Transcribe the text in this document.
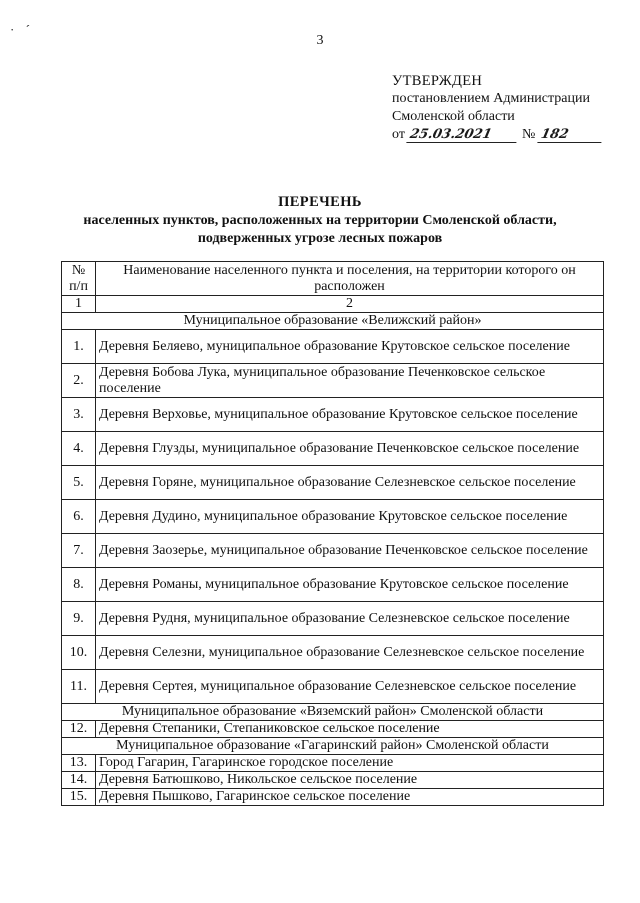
· ˊ
3
УТВЕРЖДЕН
постановлением Администрации
Смоленской области
от 25.03.2021 № 182
ПЕРЕЧЕНЬ
населенных пунктов, расположенных на территории Смоленской области,
подверженных угрозе лесных пожаров
№ п/п	Наименование населенного пункта и поселения, на территории которого он расположен
1	2
Муниципальное образование «Велижский район»	
1.	Деревня Беляево, муниципальное образование Крутовское сельское поселение
2.	Деревня Бобова Лука, муниципальное образование Печенковское сельское поселение
3.	Деревня Верховье, муниципальное образование Крутовское сельское поселение
4.	Деревня Глузды, муниципальное образование Печенковское сельское поселение
5.	Деревня Горяне, муниципальное образование Селезневское сельское поселение
6.	Деревня Дудино, муниципальное образование Крутовское сельское поселение
7.	Деревня Заозерье, муниципальное образование Печенковское сельское поселение
8.	Деревня Романы, муниципальное образование Крутовское сельское поселение
9.	Деревня Рудня, муниципальное образование Селезневское сельское поселение
10.	Деревня Селезни, муниципальное образование Селезневское сельское поселение
11.	Деревня Сертея, муниципальное образование Селезневское сельское поселение
Муниципальное образование «Вяземский район» Смоленской области	
12.	Деревня Степаники, Степаниковское сельское поселение
Муниципальное образование «Гагаринский район» Смоленской области	
13.	Город Гагарин, Гагаринское городское поселение
14.	Деревня Батюшково, Никольское сельское поселение
15.	Деревня Пышково, Гагаринское сельское поселение
